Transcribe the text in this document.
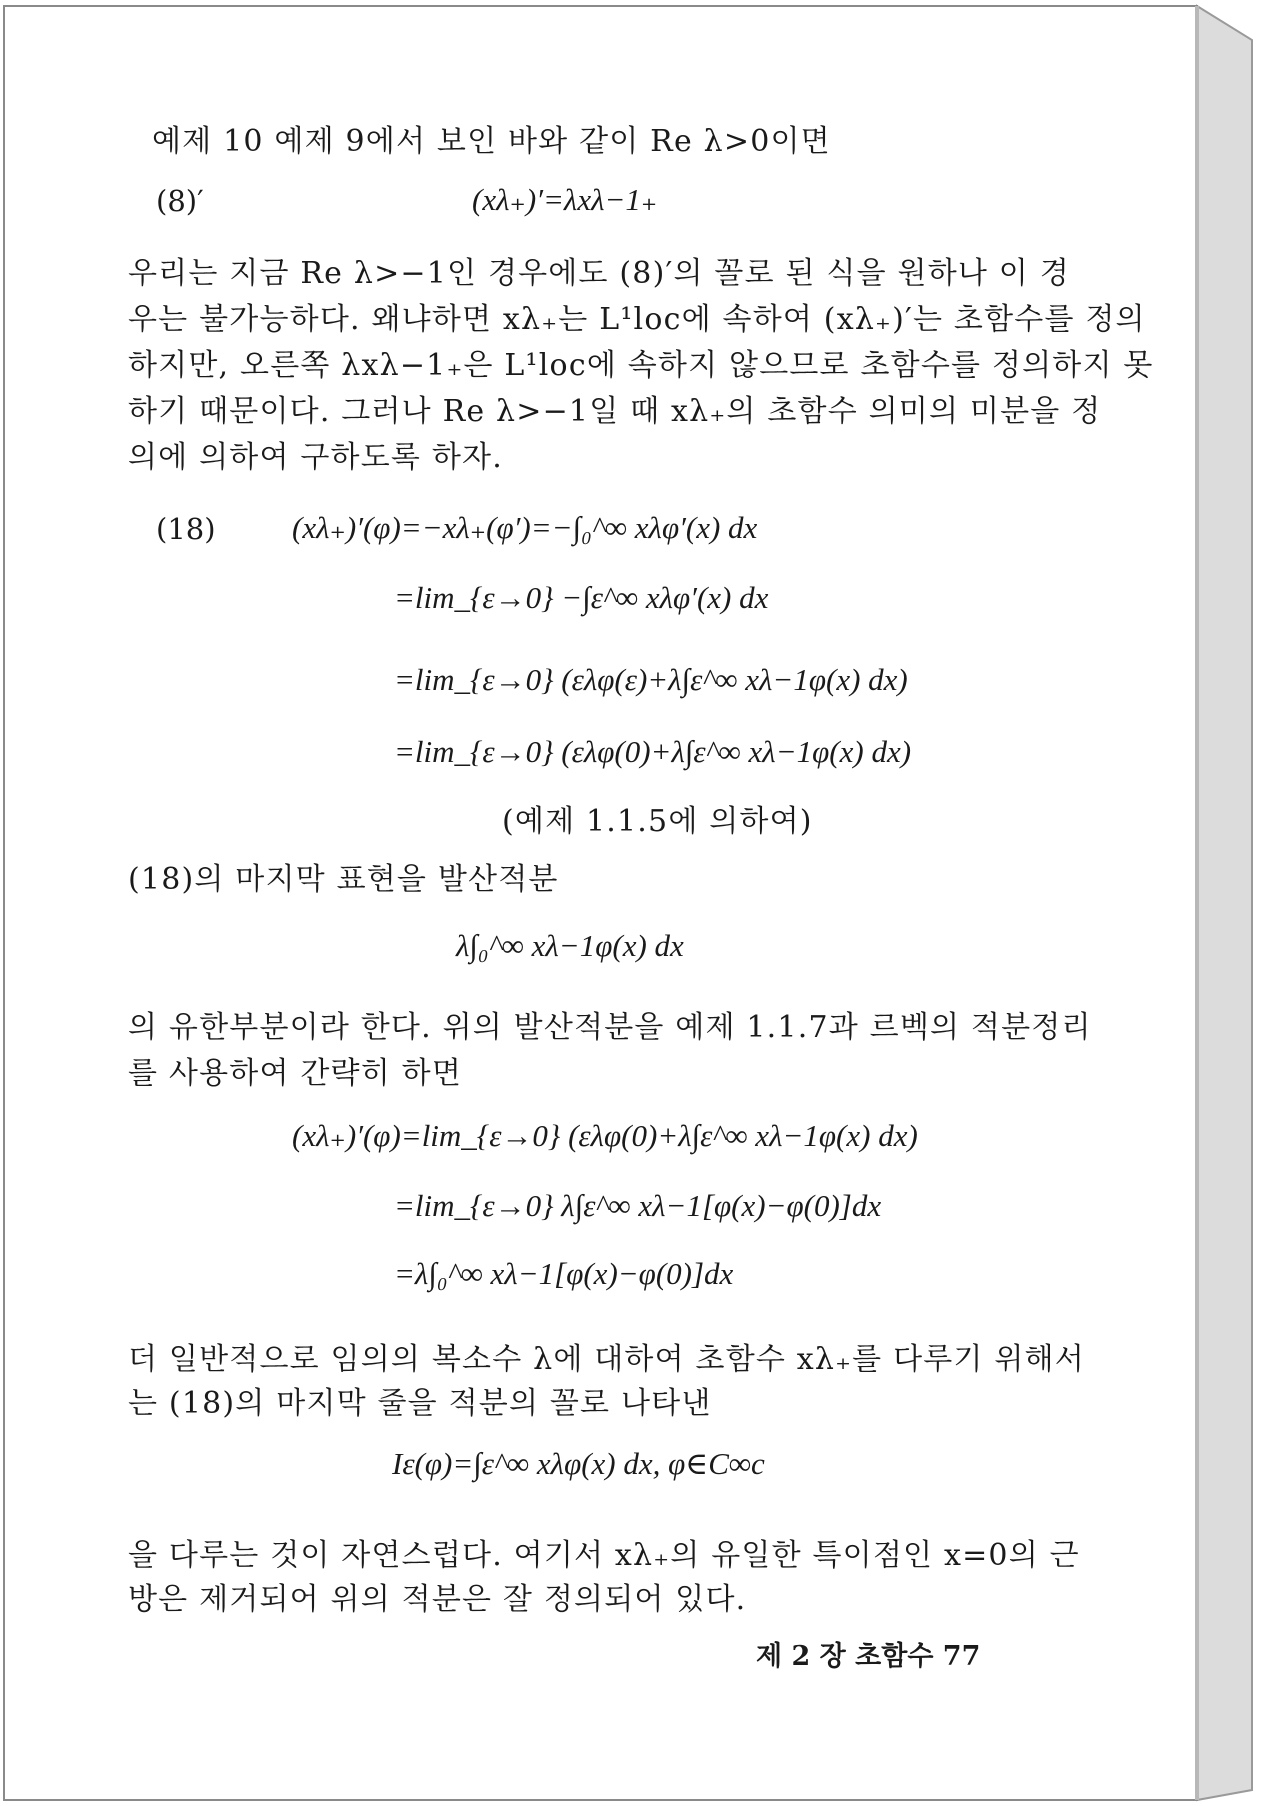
예제 10 예제 9에서 보인 바와 같이 Re λ>0이면
(8)′	(xλ₊)′=λxλ−1₊
우리는 지금 Re λ>−1인 경우에도 (8)′의 꼴로 된 식을 원하나 이 경
우는 불가능하다. 왜냐하면 xλ₊는 L¹loc에 속하여 (xλ₊)′는 초함수를 정의
하지만, 오른쪽 λxλ−1₊은 L¹loc에 속하지 않으므로 초함수를 정의하지 못
하기 때문이다. 그러나 Re λ>−1일 때 xλ₊의 초함수 의미의 미분을 정
의에 의하여 구하도록 하자.
(18) (xλ₊)′(φ)=−xλ₊(φ′)=−∫₀^∞ xλφ′(x) dx
=lim_{ε→0} −∫ε^∞ xλφ′(x) dx
=lim_{ε→0} (ελφ(ε)+λ∫ε^∞ xλ−1φ(x) dx)
=lim_{ε→0} (ελφ(0)+λ∫ε^∞ xλ−1φ(x) dx)
(예제 1.1.5에 의하여)
(18)의 마지막 표현을 발산적분
λ∫₀^∞ xλ−1φ(x) dx
의 유한부분이라 한다. 위의 발산적분을 예제 1.1.7과 르벡의 적분정리
를 사용하여 간략히 하면
(xλ₊)′(φ)=lim_{ε→0} (ελφ(0)+λ∫ε^∞ xλ−1φ(x) dx)
=lim_{ε→0} λ∫ε^∞ xλ−1[φ(x)−φ(0)]dx
=λ∫₀^∞ xλ−1[φ(x)−φ(0)]dx
더 일반적으로 임의의 복소수 λ에 대하여 초함수 xλ₊를 다루기 위해서
는 (18)의 마지막 줄을 적분의 꼴로 나타낸
Iε(φ)=∫ε^∞ xλφ(x) dx, φ∈C∞c
을 다루는 것이 자연스럽다. 여기서 xλ₊의 유일한 특이점인 x=0의 근
방은 제거되어 위의 적분은 잘 정의되어 있다.
제 2 장 초함수 77
